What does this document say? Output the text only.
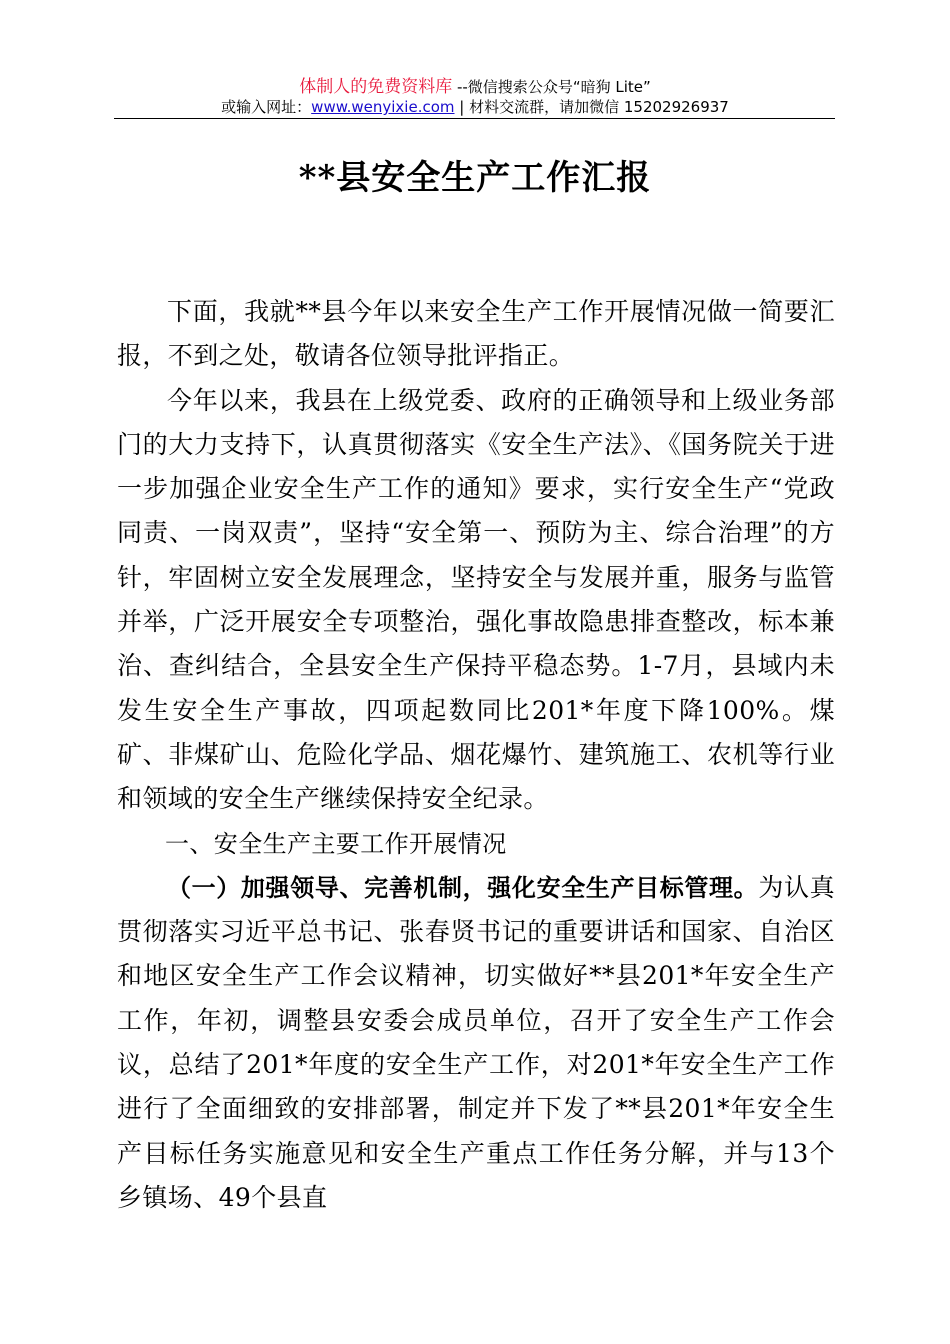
体制人的免费资料库 --微信搜索公众号“暗狗 Lite”
或输入网址：www.wenyixie.com | 材料交流群，请加微信 15202926937
**县安全生产工作汇报

下面，我就**县今年以来安全生产工作开展情况做一简要汇报，不到之处，敬请各位领导批评指正。

今年以来，我县在上级党委、政府的正确领导和上级业务部门的大力支持下，认真贯彻落实《安全生产法》、《国务院关于进一步加强企业安全生产工作的通知》要求，实行安全生产“党政同责、一岗双责”，坚持“安全第一、预防为主、综合治理”的方针，牢固树立安全发展理念，坚持安全与发展并重，服务与监管并举，广泛开展安全专项整治，强化事故隐患排查整改，标本兼治、查纠结合，全县安全生产保持平稳态势。1-7月，县域内未发生安全生产事故，四项起数同比201*年度下降100%。煤矿、非煤矿山、危险化学品、烟花爆竹、建筑施工、农机等行业和领域的安全生产继续保持安全纪录。

一、安全生产主要工作开展情况

（一）加强领导、完善机制，强化安全生产目标管理。为认真贯彻落实习近平总书记、张春贤书记的重要讲话和国家、自治区和地区安全生产工作会议精神，切实做好**县201*年安全生产工作，年初，调整县安委会成员单位，召开了安全生产工作会议，总结了201*年度的安全生产工作，对201*年安全生产工作进行了全面细致的安排部署，制定并下发了**县201*年安全生产目标任务实施意见和安全生产重点工作任务分解，并与13个乡镇场、49个县直
